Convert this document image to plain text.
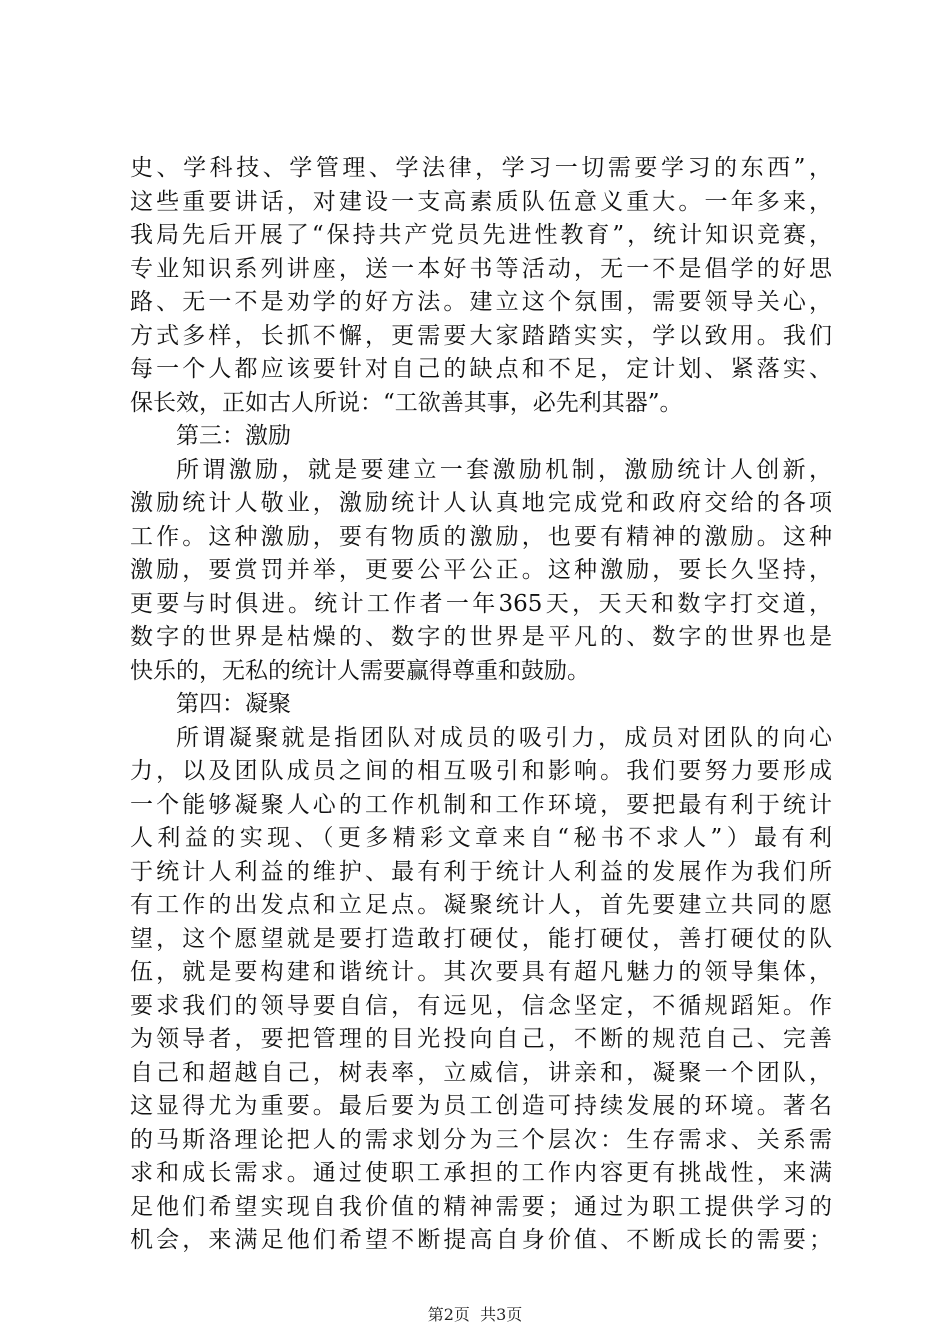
史、学科技、学管理、学法律，学习一切需要学习的东西”，
这些重要讲话，对建设一支高素质队伍意义重大。一年多来，
我局先后开展了“保持共产党员先进性教育”，统计知识竞赛，
专业知识系列讲座，送一本好书等活动，无一不是倡学的好思
路、无一不是劝学的好方法。建立这个氛围，需要领导关心，
方式多样，长抓不懈，更需要大家踏踏实实，学以致用。我们
每一个人都应该要针对自己的缺点和不足，定计划、紧落实、
保长效，正如古人所说：“工欲善其事，必先利其器”。
第三：激励
所谓激励，就是要建立一套激励机制，激励统计人创新，
激励统计人敬业，激励统计人认真地完成党和政府交给的各项
工作。这种激励，要有物质的激励，也要有精神的激励。这种
激励，要赏罚并举，更要公平公正。这种激励，要长久坚持，
更要与时俱进。统计工作者一年365天，天天和数字打交道，
数字的世界是枯燥的、数字的世界是平凡的、数字的世界也是
快乐的，无私的统计人需要赢得尊重和鼓励。
第四：凝聚
所谓凝聚就是指团队对成员的吸引力，成员对团队的向心
力，以及团队成员之间的相互吸引和影响。我们要努力要形成
一个能够凝聚人心的工作机制和工作环境，要把最有利于统计
人利益的实现、（更多精彩文章来自“秘书不求人”）最有利
于统计人利益的维护、最有利于统计人利益的发展作为我们所
有工作的出发点和立足点。凝聚统计人，首先要建立共同的愿
望，这个愿望就是要打造敢打硬仗，能打硬仗，善打硬仗的队
伍，就是要构建和谐统计。其次要具有超凡魅力的领导集体，
要求我们的领导要自信，有远见，信念坚定，不循规蹈矩。作
为领导者，要把管理的目光投向自己，不断的规范自己、完善
自己和超越自己，树表率，立威信，讲亲和，凝聚一个团队，
这显得尤为重要。最后要为员工创造可持续发展的环境。著名
的马斯洛理论把人的需求划分为三个层次：生存需求、关系需
求和成长需求。通过使职工承担的工作内容更有挑战性，来满
足他们希望实现自我价值的精神需要；通过为职工提供学习的
机会，来满足他们希望不断提高自身价值、不断成长的需要；
第2页  共3页
